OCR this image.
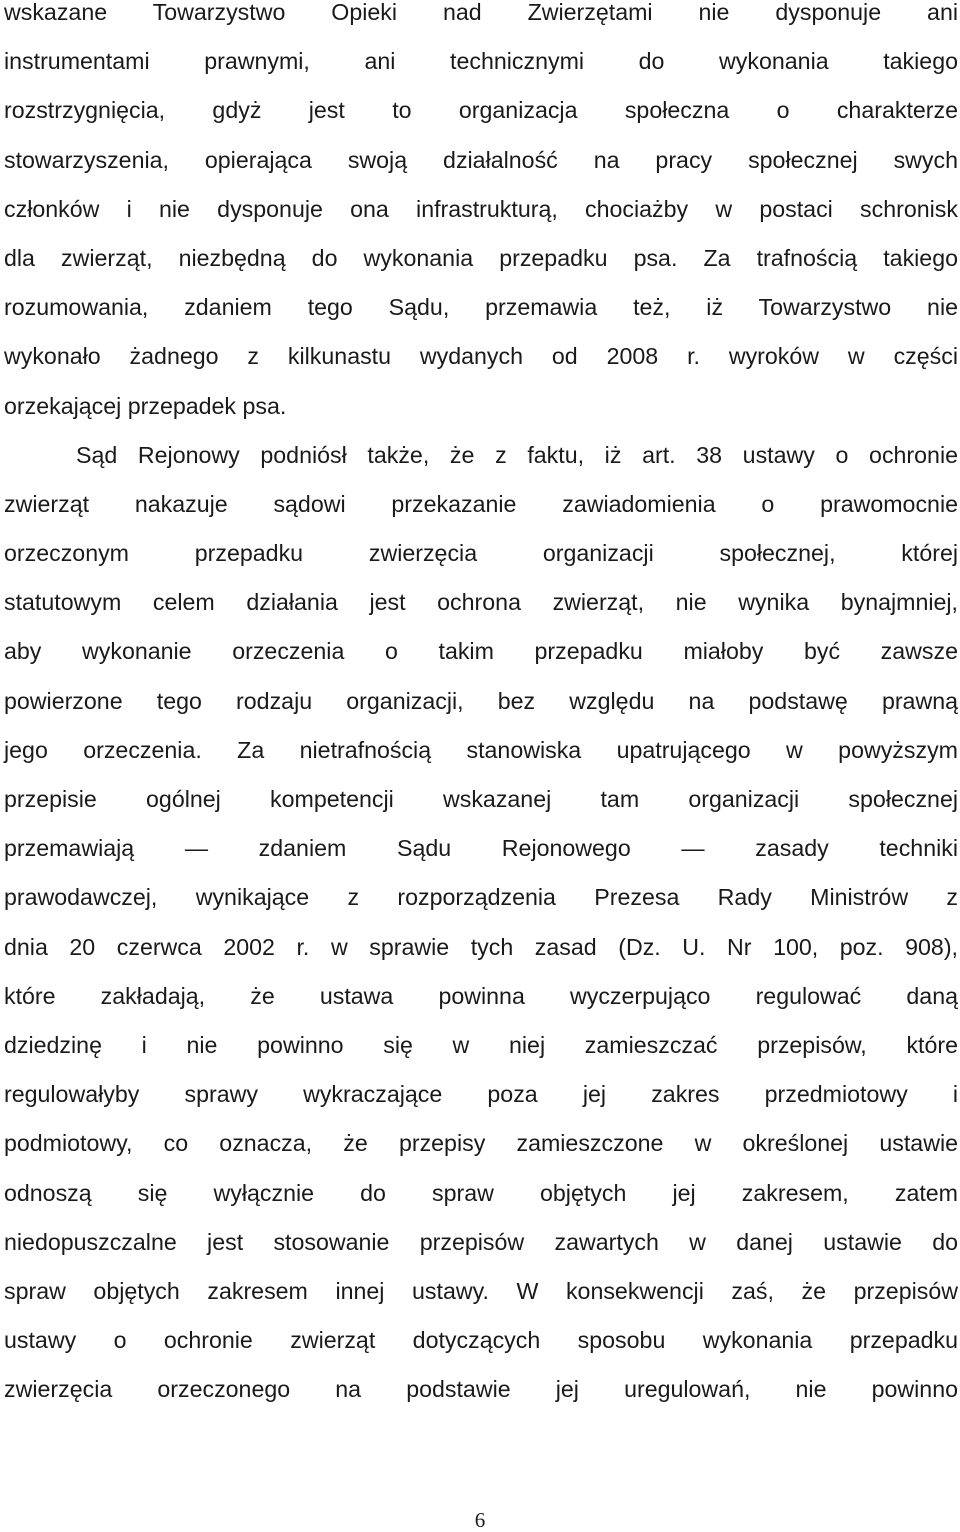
wskazane Towarzystwo Opieki nad Zwierzętami nie dysponuje ani
instrumentami prawnymi, ani technicznymi do wykonania takiego
rozstrzygnięcia, gdyż jest to organizacja społeczna o charakterze
stowarzyszenia, opierająca swoją działalność na pracy społecznej swych
członków i nie dysponuje ona infrastrukturą, chociażby w postaci schronisk
dla zwierząt, niezbędną do wykonania przepadku psa. Za trafnością takiego
rozumowania, zdaniem tego Sądu, przemawia też, iż Towarzystwo nie
wykonało żadnego z kilkunastu wydanych od 2008 r. wyroków w części
orzekającej przepadek psa.
Sąd Rejonowy podniósł także, że z faktu, iż art. 38 ustawy o ochronie
zwierząt nakazuje sądowi przekazanie zawiadomienia o prawomocnie
orzeczonym przepadku zwierzęcia organizacji społecznej, której
statutowym celem działania jest ochrona zwierząt, nie wynika bynajmniej,
aby wykonanie orzeczenia o takim przepadku miałoby być zawsze
powierzone tego rodzaju organizacji, bez względu na podstawę prawną
jego orzeczenia. Za nietrafnością stanowiska upatrującego w powyższym
przepisie ogólnej kompetencji wskazanej tam organizacji społecznej
przemawiają — zdaniem Sądu Rejonowego — zasady techniki
prawodawczej, wynikające z rozporządzenia Prezesa Rady Ministrów z
dnia 20 czerwca 2002 r. w sprawie tych zasad (Dz. U. Nr 100, poz. 908),
które zakładają, że ustawa powinna wyczerpująco regulować daną
dziedzinę i nie powinno się w niej zamieszczać przepisów, które
regulowałyby sprawy wykraczające poza jej zakres przedmiotowy i
podmiotowy, co oznacza, że przepisy zamieszczone w określonej ustawie
odnoszą się wyłącznie do spraw objętych jej zakresem, zatem
niedopuszczalne jest stosowanie przepisów zawartych w danej ustawie do
spraw objętych zakresem innej ustawy. W konsekwencji zaś, że przepisów
ustawy o ochronie zwierząt dotyczących sposobu wykonania przepadku
zwierzęcia orzeczonego na podstawie jej uregulowań, nie powinno
6
